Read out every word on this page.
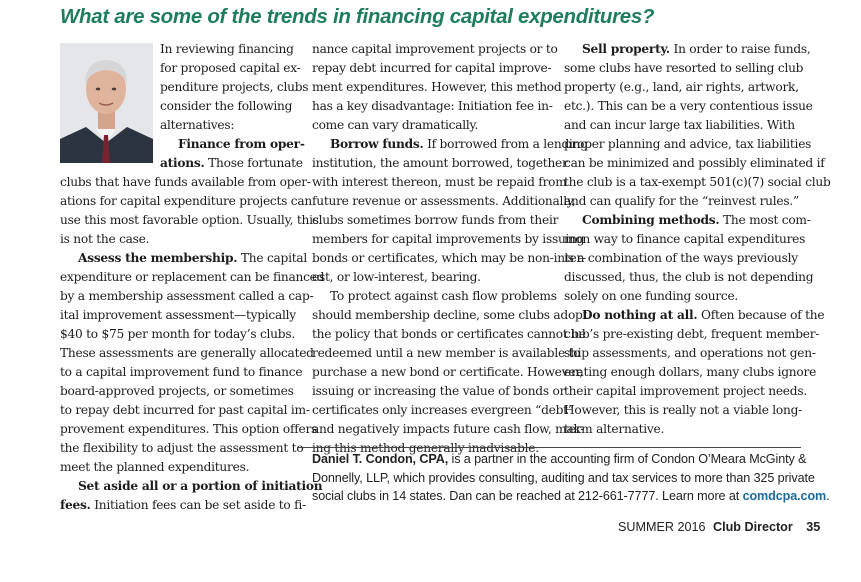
What are some of the trends in financing capital expenditures?
In reviewing financing
for proposed capital ex-
penditure projects, clubs
consider the following
alternatives:
Finance from oper-
ations. Those fortunate
clubs that have funds available from oper-
ations for capital expenditure projects can
use this most favorable option. Usually, this
is not the case.
Assess the membership. The capital
expenditure or replacement can be financed
by a membership assessment called a cap-
ital improvement assessment—typically
$40 to $75 per month for today’s clubs.
These assessments are generally allocated
to a capital improvement fund to finance
board-approved projects, or sometimes
to repay debt incurred for past capital im-
provement expenditures. This option offers
the flexibility to adjust the assessment to
meet the planned expenditures.
Set aside all or a portion of initiation
fees. Initiation fees can be set aside to fi-
nance capital improvement projects or to
repay debt incurred for capital improve-
ment expenditures. However, this method
has a key disadvantage: Initiation fee in-
come can vary dramatically.
Borrow funds. If borrowed from a lending
institution, the amount borrowed, together
with interest thereon, must be repaid from
future revenue or assessments. Additionally,
clubs sometimes borrow funds from their
members for capital improvements by issuing
bonds or certificates, which may be non-inter-
est, or low-interest, bearing.
To protect against cash flow problems
should membership decline, some clubs adopt
the policy that bonds or certificates cannot be
redeemed until a new member is available to
purchase a new bond or certificate. However,
issuing or increasing the value of bonds or
certificates only increases evergreen “debt”
and negatively impacts future cash flow, mak-
ing this method generally inadvisable.
Sell property. In order to raise funds,
some clubs have resorted to selling club
property (e.g., land, air rights, artwork,
etc.). This can be a very contentious issue
and can incur large tax liabilities. With
proper planning and advice, tax liabilities
can be minimized and possibly eliminated if
the club is a tax-exempt 501(c)(7) social club
and can qualify for the “reinvest rules.”
Combining methods. The most com-
mon way to finance capital expenditures
is a combination of the ways previously
discussed, thus, the club is not depending
solely on one funding source.
Do nothing at all. Often because of the
club’s pre-existing debt, frequent member-
ship assessments, and operations not gen-
erating enough dollars, many clubs ignore
their capital improvement project needs.
However, this is really not a viable long-
term alternative.
Daniel T. Condon, CPA, is a partner in the accounting firm of Condon O’Meara McGinty &
Donnelly, LLP, which provides consulting, auditing and tax services to more than 325 private
social clubs in 14 states. Dan can be reached at 212-661-7777. Learn more at comdcpa.com.
SUMMER 2016 Club Director 35
